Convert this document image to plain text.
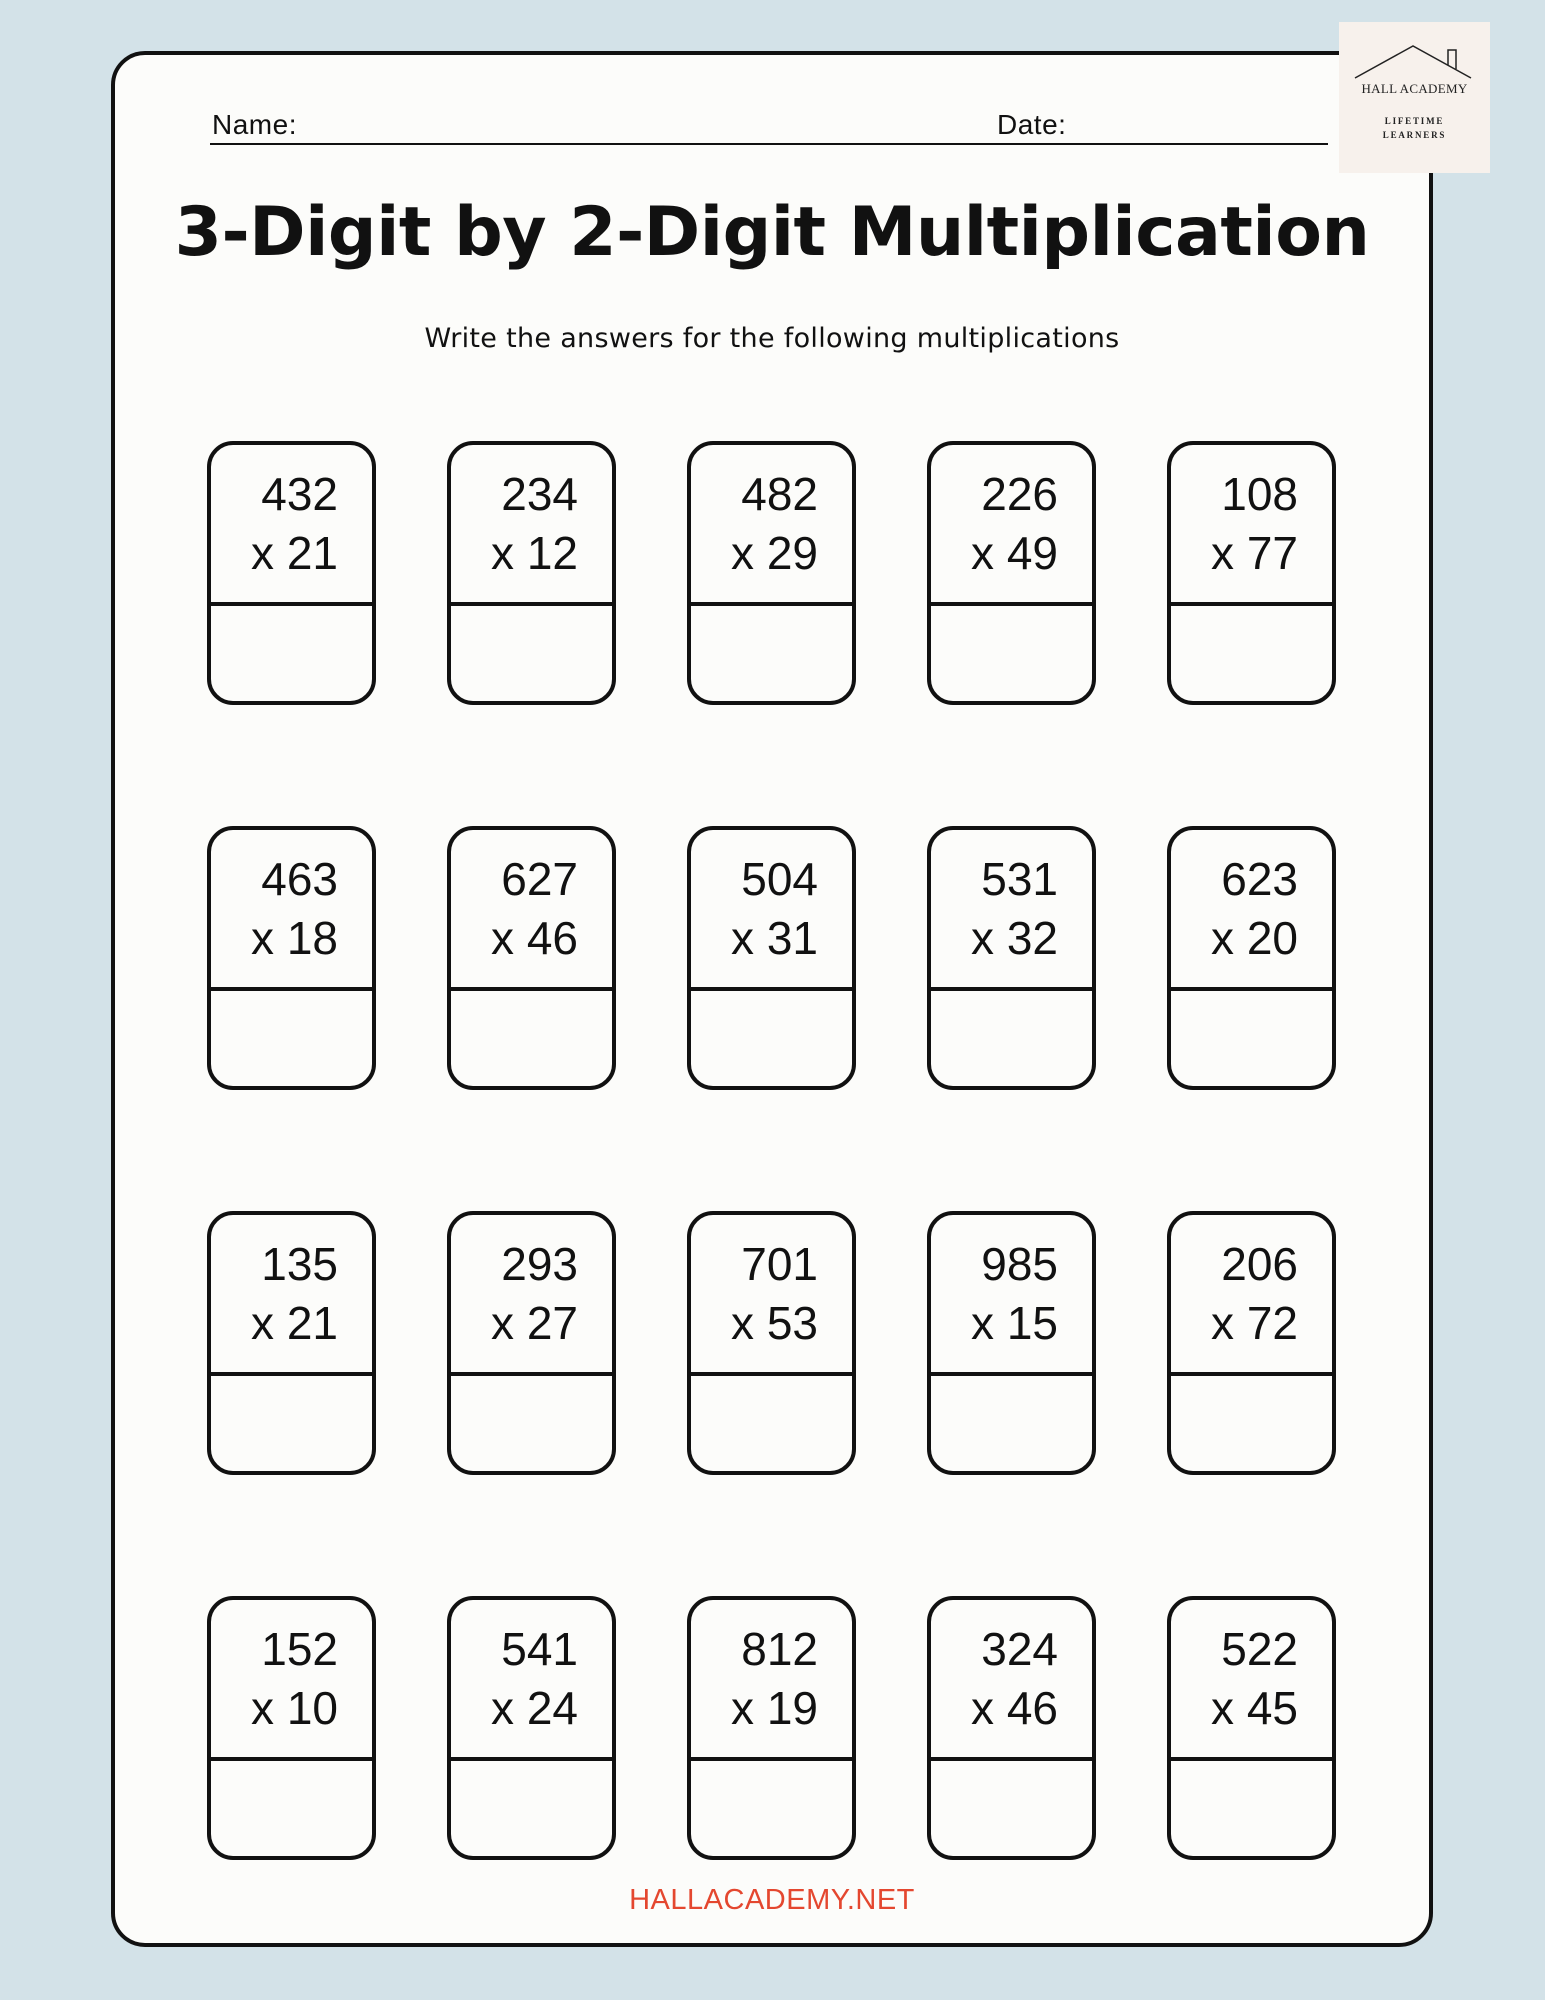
Name:	Date:
3-Digit by 2-Digit Multiplication
Write the answers for the following multiplications
432
x 21
234
x 12
482
x 29
226
x 49
108
x 77
463
x 18
627
x 46
504
x 31
531
x 32
623
x 20
135
x 21
293
x 27
701
x 53
985
x 15
206
x 72
152
x 10
541
x 24
812
x 19
324
x 46
522
x 45
HALLACADEMY.NET
HALL ACADEMY
LIFETIME
LEARNERS
